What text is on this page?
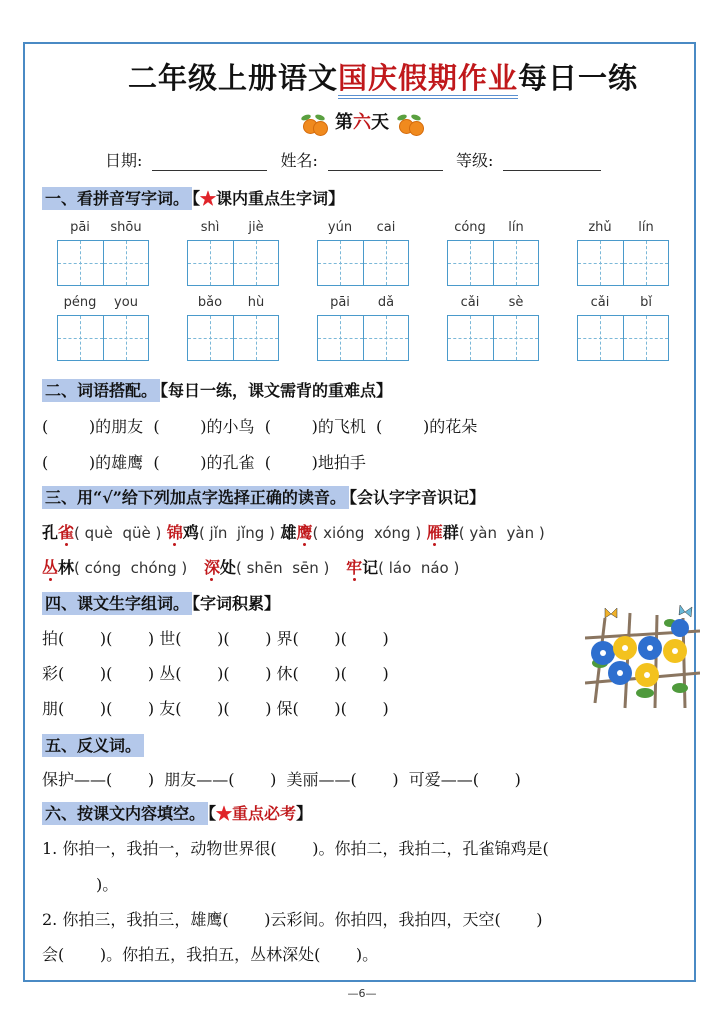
二年级上册语文国庆假期作业每日一练
第六天
日期:	姓名:	等级:
一、看拼音写字词。 【★课内重点生字词】
pāi	shōu	shì	jiè	yún	cai	cóng	lín	zhǔ	lín
péng	you	bǎo	hù	pāi	dǎ	cǎi	sè	cǎi	bǐ
二、词语搭配。 【每日一练，课文需背的重难点】
(        )的朋友  (        )的小鸟  (        )的飞机  (        )的花朵
(        )的雄鹰  (        )的孔雀  (        )地拍手
三、用“√”给下列加点字选择正确的读音。 【会认字字音识记】
孔雀( què  qüè ) 锦鸡( jǐn  jǐng ) 雄鹰( xióng  xóng ) 雁群( yàn  yàn )
丛林( cóng  chóng ) 深处( shēn  sēn ) 牢记( láo  náo )
四、课文生字组词。 【字词积累】
拍(       )(       ) 世(       )(       ) 界(       )(       )
彩(       )(       ) 丛(       )(       ) 休(       )(       )
朋(       )(       ) 友(       )(       ) 保(       )(       )
五、反义词。
保护——(       )  朋友——(       )  美丽——(       )  可爱——(       )
六、按课文内容填空。 【★重点必考】
1. 你拍一，我拍一，动物世界很(       )。你拍二，我拍二，孔雀锦鸡是(
)。
2. 你拍三，我拍三，雄鹰(       )云彩间。你拍四，我拍四，天空(       )
会(       )。你拍五，我拍五，丛林深处(       )。
—6—
